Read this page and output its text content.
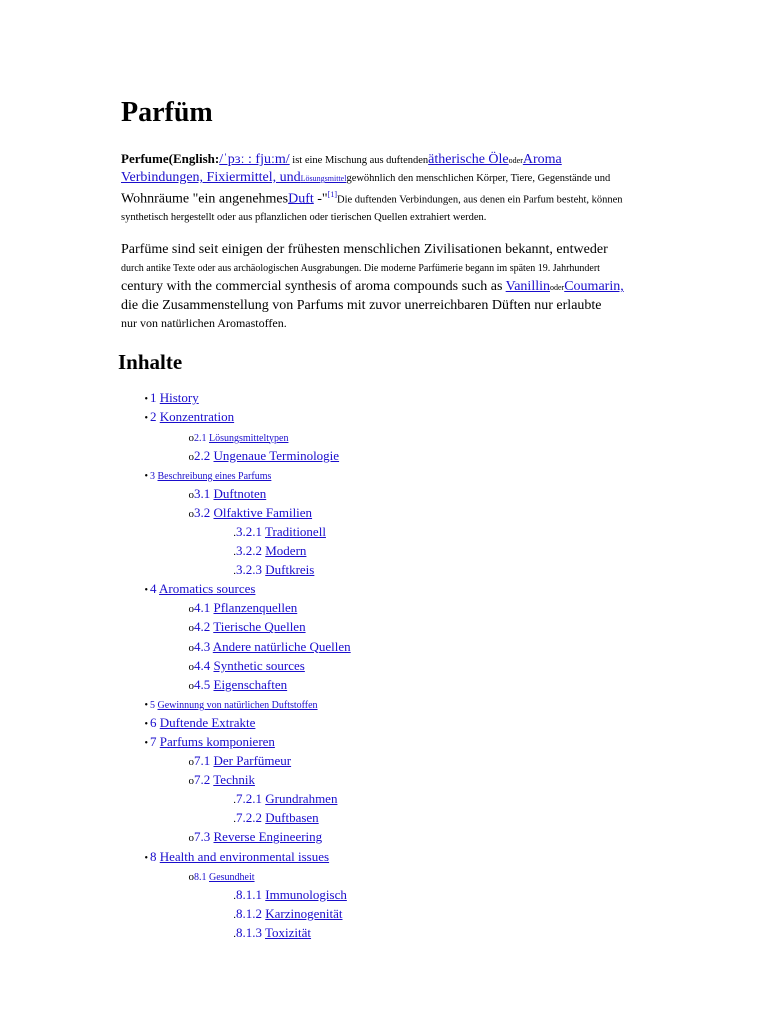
Parfüm

Perfume(English:/ˈpɜː : fjuːm/ ist eine Mischung aus duftendenätherische ÖleoderAroma
Verbindungen, Fixiermittel, undLösungsmittelgewöhnlich den menschlichen Körper, Tiere, Gegenstände und
Wohnräume "ein angenehmesDuft -"[1]Die duftenden Verbindungen, aus denen ein Parfum besteht, können
synthetisch hergestellt oder aus pflanzlichen oder tierischen Quellen extrahiert werden.

Parfüme sind seit einigen der frühesten menschlichen Zivilisationen bekannt, entweder
durch antike Texte oder aus archäologischen Ausgrabungen. Die moderne Parfümerie begann im späten 19. Jahrhundert
century with the commercial synthesis of aroma compounds such as VanillinoderCoumarin,
die die Zusammenstellung von Parfums mit zuvor unerreichbaren Düften nur erlaubte
nur von natürlichen Aromastoffen.

Inhalte
• 1 History
• 2 Konzentration
o2.1 Lösungsmitteltypen
o2.2 Ungenaue Terminologie
• 3 Beschreibung eines Parfums
o3.1 Duftnoten
o3.2 Olfaktive Familien
.3.2.1 Traditionell
.3.2.2 Modern
.3.2.3 Duftkreis
• 4 Aromatics sources
o4.1 Pflanzenquellen
o4.2 Tierische Quellen
o4.3 Andere natürliche Quellen
o4.4 Synthetic sources
o4.5 Eigenschaften
• 5 Gewinnung von natürlichen Duftstoffen
• 6 Duftende Extrakte
• 7 Parfums komponieren
o7.1 Der Parfümeur
o7.2 Technik
.7.2.1 Grundrahmen
.7.2.2 Duftbasen
o7.3 Reverse Engineering
• 8 Health and environmental issues
o8.1 Gesundheit
.8.1.1 Immunologisch
.8.1.2 Karzinogenität
.8.1.3 Toxizität
